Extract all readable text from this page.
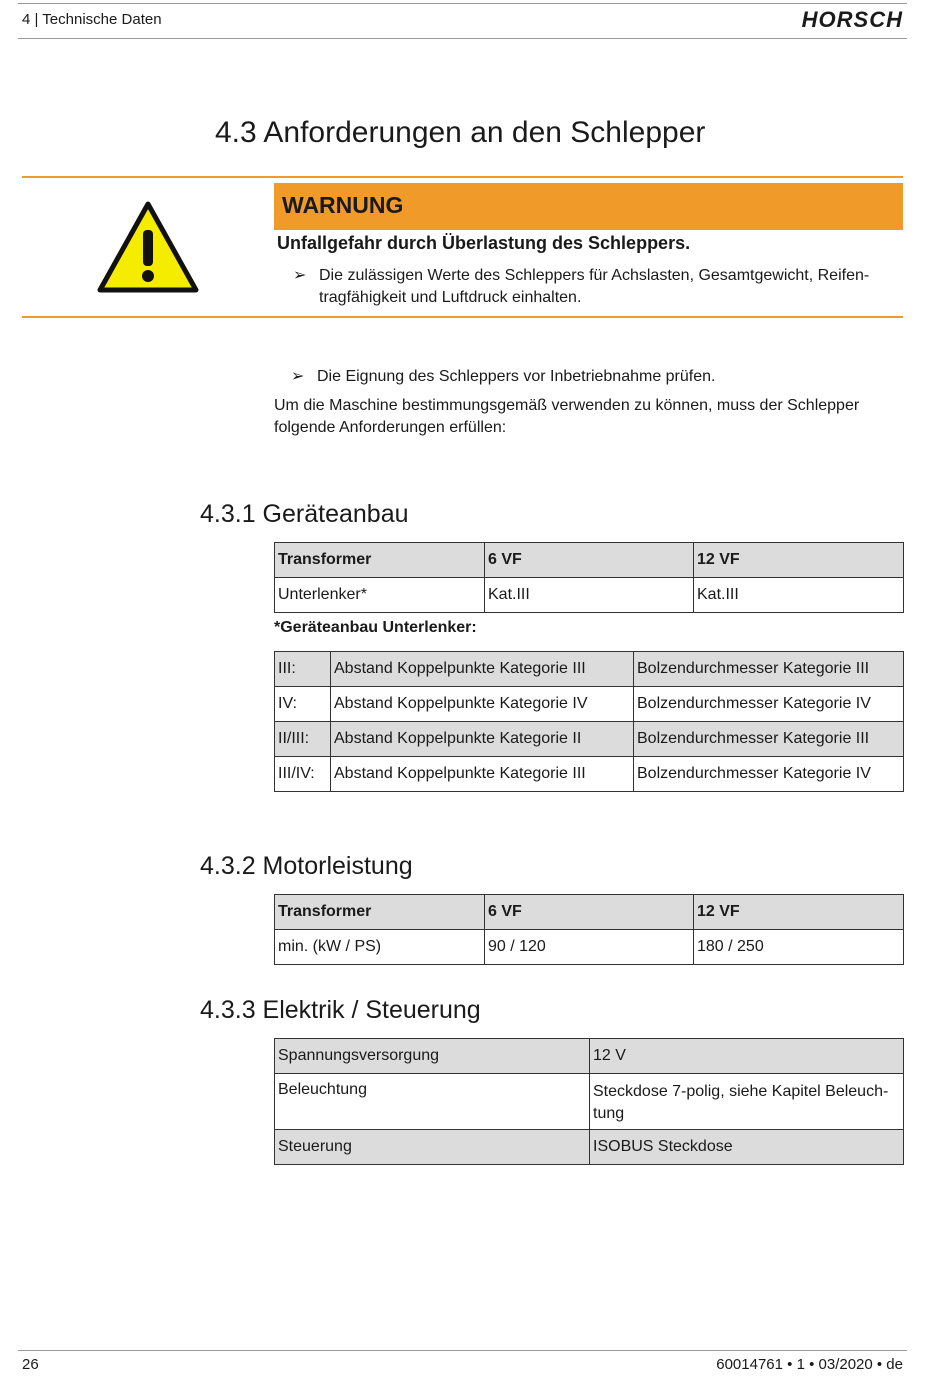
4 | Technische Daten	HORSCH
4.3 Anforderungen an den Schlepper
WARNUNG
Unfallgefahr durch Überlastung des Schleppers.
➢ Die zulässigen Werte des Schleppers für Achslasten, Gesamtgewicht, Reifen-
tragfähigkeit und Luftdruck einhalten.
➢ Die Eignung des Schleppers vor Inbetriebnahme prüfen.
Um die Maschine bestimmungsgemäß verwenden zu können, muss der Schlepper
folgende Anforderungen erfüllen:
4.3.1 Geräteanbau
Transformer	6 VF	12 VF
Unterlenker*	Kat.III	Kat.III
*Geräteanbau Unterlenker:
III:	Abstand Koppelpunkte Kategorie III	Bolzendurchmesser Kategorie III
IV:	Abstand Koppelpunkte Kategorie IV	Bolzendurchmesser Kategorie IV
II/III:	Abstand Koppelpunkte Kategorie II	Bolzendurchmesser Kategorie III
III/IV:	Abstand Koppelpunkte Kategorie III	Bolzendurchmesser Kategorie IV
4.3.2 Motorleistung
Transformer	6 VF	12 VF
min. (kW / PS)	90 / 120	180 / 250
4.3.3 Elektrik / Steuerung
Spannungsversorgung	12 V
Beleuchtung	Steckdose 7-polig, siehe Kapitel Beleuch-
tung

Steuerung	ISOBUS Steckdose
26	60014761 • 1 • 03/2020 • de
